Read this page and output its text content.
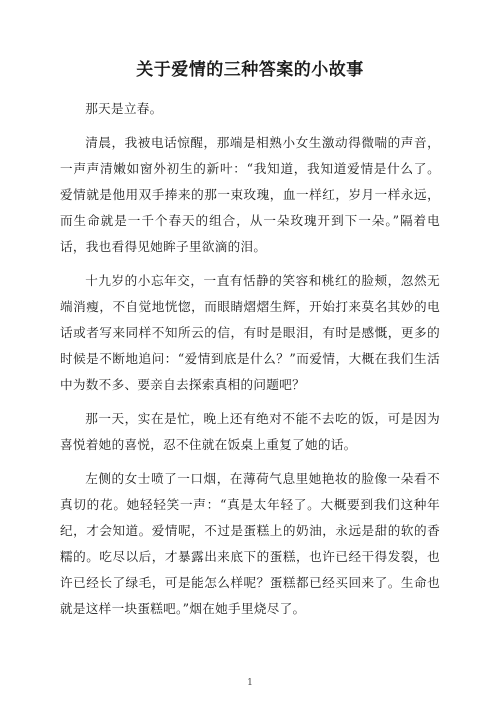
关于爱情的三种答案的小故事

那天是立春。

清晨，我被电话惊醒，那端是相熟小女生激动得微喘的声音，一声声清嫩如窗外初生的新叶：“我知道，我知道爱情是什么了。爱情就是他用双手捧来的那一束玫瑰，血一样红，岁月一样永远，而生命就是一千个春天的组合，从一朵玫瑰开到下一朵。”隔着电话，我也看得见她眸子里欲滴的泪。

十九岁的小忘年交，一直有恬静的笑容和桃红的脸颊，忽然无端消瘦，不自觉地恍惚，而眼睛熠熠生辉，开始打来莫名其妙的电话或者写来同样不知所云的信，有时是眼泪，有时是感慨，更多的时候是不断地追问：“爱情到底是什么？”而爱情，大概在我们生活中为数不多、要亲自去探索真相的问题吧？

那一天，实在是忙，晚上还有绝对不能不去吃的饭，可是因为喜悦着她的喜悦，忍不住就在饭桌上重复了她的话。

左侧的女士喷了一口烟，在薄荷气息里她艳妆的脸像一朵看不真切的花。她轻轻笑一声：“真是太年轻了。大概要到我们这种年纪，才会知道。爱情呢，不过是蛋糕上的奶油，永远是甜的软的香糯的。吃尽以后，才暴露出来底下的蛋糕，也许已经干得发裂，也许已经长了绿毛，可是能怎么样呢？蛋糕都已经买回来了。生命也就是这样一块蛋糕吧。”烟在她手里烧尽了。

1
